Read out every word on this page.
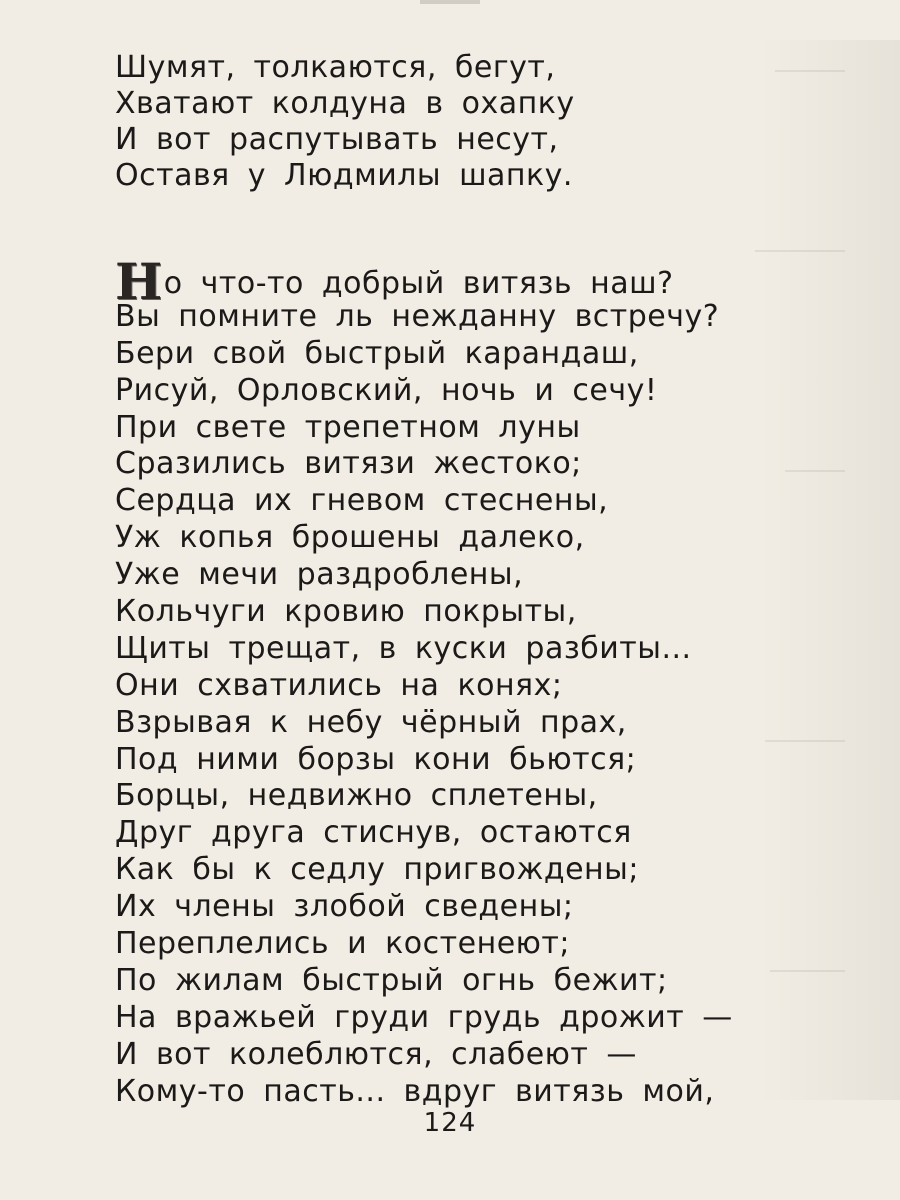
Шумят, толкаются, бегут,
Хватают колдуна в охапку
И вот распутывать несут,
Оставя у Людмилы шапку.
Но что-то добрый витязь наш?
Вы помните ль нежданну встречу?
Бери свой быстрый карандаш,
Рисуй, Орловский, ночь и сечу!
При свете трепетном луны
Сразились витязи жестоко;
Сердца их гневом стеснены,
Уж копья брошены далеко,
Уже мечи раздроблены,
Кольчуги кровию покрыты,
Щиты трещат, в куски разбиты...
Они схватились на конях;
Взрывая к небу чёрный прах,
Под ними борзы кони бьются;
Борцы, недвижно сплетены,
Друг друга стиснув, остаются
Как бы к седлу пригвождены;
Их члены злобой сведены;
Переплелись и костенеют;
По жилам быстрый огнь бежит;
На вражьей груди грудь дрожит —
И вот колеблются, слабеют —
Кому-то пасть... вдруг витязь мой,
124
